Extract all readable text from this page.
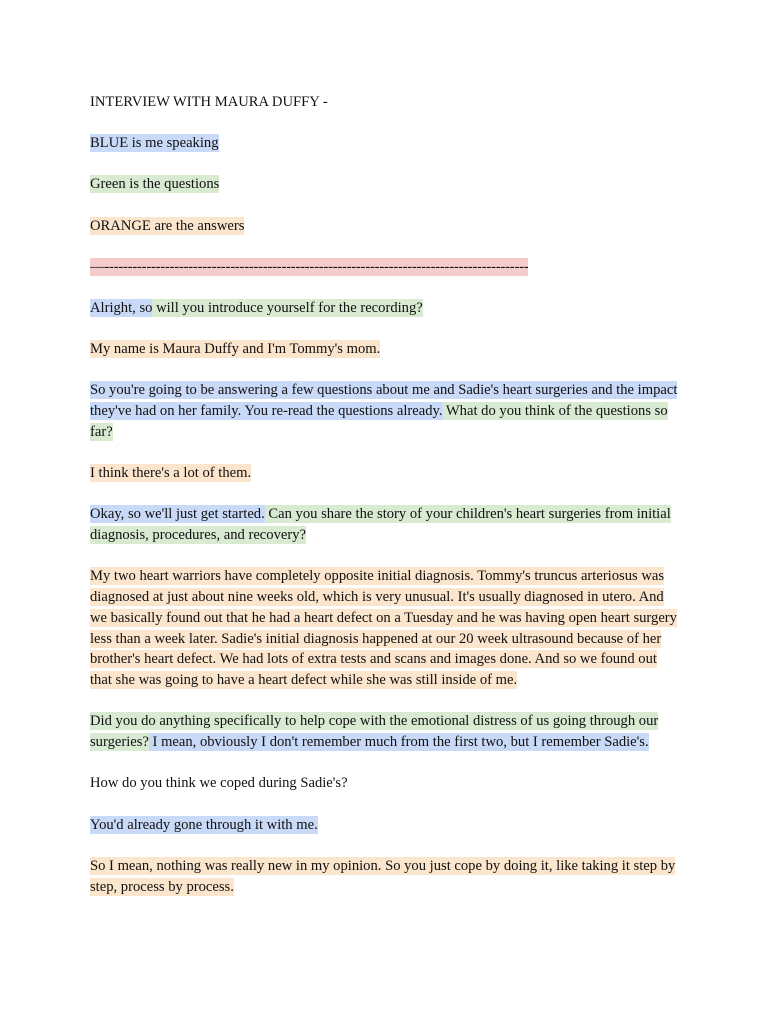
INTERVIEW WITH MAURA DUFFY -

BLUE is me speaking

Green is the questions

ORANGE are the answers

—-------------------------------------------------------------------------------------------

Alright, so will you introduce yourself for the recording?

My name is Maura Duffy and I'm Tommy's mom.

So you're going to be answering a few questions about me and Sadie's heart surgeries and the impact they've had on her family. You re-read the questions already. What do you think of the questions so far?

I think there's a lot of them.

Okay, so we'll just get started. Can you share the story of your children's heart surgeries from initial diagnosis, procedures, and recovery?

My two heart warriors have completely opposite initial diagnosis. Tommy's truncus arteriosus was diagnosed at just about nine weeks old, which is very unusual. It's usually diagnosed in utero. And we basically found out that he had a heart defect on a Tuesday and he was having open heart surgery less than a week later. Sadie's initial diagnosis happened at our 20 week ultrasound because of her brother's heart defect. We had lots of extra tests and scans and images done. And so we found out that she was going to have a heart defect while she was still inside of me.

Did you do anything specifically to help cope with the emotional distress of us going through our surgeries? I mean, obviously I don't remember much from the first two, but I remember Sadie's.

How do you think we coped during Sadie's?

You'd already gone through it with me.

So I mean, nothing was really new in my opinion. So you just cope by doing it, like taking it step by step, process by process.
